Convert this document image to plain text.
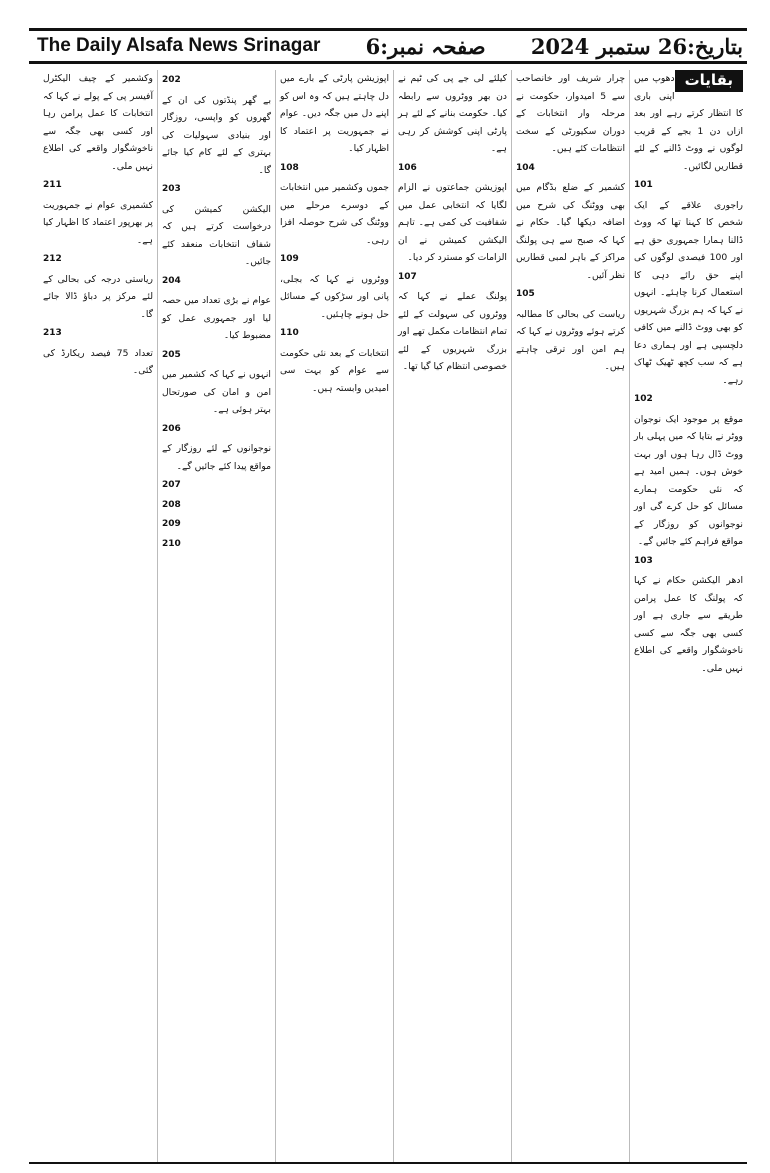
The Daily Alsafa News Srinagar صفحہ نمبر:6 بتاریخ:26 ستمبر 2024
بقایات
دھوپ میں اپنی باری کا انتظار کرتے رہے اور بعد ازاں دن 1 بجے کے قریب لوگوں نے ووٹ ڈالنے کے لئے قطاریں لگائیں۔
101
راجوری علاقے کے ایک شخص کا کہنا تھا کہ ووٹ ڈالنا ہمارا جمہوری حق ہے اور 100 فیصدی لوگوں کی اپنے حق رائے دہی کا استعمال کرنا چاہئے۔ انہوں نے کہا کہ ہم بزرگ شہریوں کو بھی ووٹ ڈالنے میں کافی دلچسپی ہے اور ہماری دعا ہے کہ سب کچھ ٹھیک ٹھاک رہے۔
102
موقع پر موجود ایک نوجوان ووٹر نے بتایا کہ میں پہلی بار ووٹ ڈال رہا ہوں اور بہت خوش ہوں۔ ہمیں امید ہے کہ نئی حکومت ہمارے مسائل کو حل کرے گی اور نوجوانوں کو روزگار کے مواقع فراہم کئے جائیں گے۔
103
ادھر الیکشن حکام نے کہا کہ پولنگ کا عمل پرامن طریقے سے جاری ہے اور کسی بھی جگہ سے کسی ناخوشگوار واقعے کی اطلاع نہیں ملی۔
چرار شریف اور خانصاحب سے 5 امیدوار، حکومت نے مرحلہ وار انتخابات کے دوران سکیورٹی کے سخت انتظامات کئے ہیں۔
104
کشمیر کے ضلع بڈگام میں بھی ووٹنگ کی شرح میں اضافہ دیکھا گیا۔ حکام نے کہا کہ صبح سے ہی پولنگ مراکز کے باہر لمبی قطاریں نظر آئیں۔
105
ریاست کی بحالی کا مطالبہ کرتے ہوئے ووٹروں نے کہا کہ ہم امن اور ترقی چاہتے ہیں۔
کیلئے لی جے پی کی ٹیم نے دن بھر ووٹروں سے رابطہ کیا۔ حکومت بنانے کے لئے ہر پارٹی اپنی کوشش کر رہی ہے۔
106
اپوزیشن جماعتوں نے الزام لگایا کہ انتخابی عمل میں شفافیت کی کمی ہے۔ تاہم الیکشن کمیشن نے ان الزامات کو مسترد کر دیا۔
107
پولنگ عملے نے کہا کہ ووٹروں کی سہولت کے لئے تمام انتظامات مکمل تھے اور بزرگ شہریوں کے لئے خصوصی انتظام کیا گیا تھا۔
اپوزیشن پارٹی کے بارے میں دل چاہتے ہیں کہ وہ اس کو اپنے دل میں جگہ دیں۔ عوام نے جمہوریت پر اعتماد کا اظہار کیا۔
108
جموں وکشمیر میں انتخابات کے دوسرے مرحلے میں ووٹنگ کی شرح حوصلہ افزا رہی۔
109
ووٹروں نے کہا کہ بجلی، پانی اور سڑکوں کے مسائل حل ہونے چاہئیں۔
110
انتخابات کے بعد نئی حکومت سے عوام کو بہت سی امیدیں وابستہ ہیں۔
202
بے گھر پنڈتوں کی ان کے گھروں کو واپسی، روزگار اور بنیادی سہولیات کی بہتری کے لئے کام کیا جائے گا۔
203
الیکشن کمیشن کی درخواست کرتے ہیں کہ شفاف انتخابات منعقد کئے جائیں۔
204
عوام نے بڑی تعداد میں حصہ لیا اور جمہوری عمل کو مضبوط کیا۔
205
انہوں نے کہا کہ کشمیر میں امن و امان کی صورتحال بہتر ہوئی ہے۔
206
نوجوانوں کے لئے روزگار کے مواقع پیدا کئے جائیں گے۔
207
208
209
210
وکشمیر کے چیف الیکٹرل آفیسر پی کے پولے نے کہا کہ انتخابات کا عمل پرامن رہا اور کسی بھی جگہ سے ناخوشگوار واقعے کی اطلاع نہیں ملی۔
211
کشمیری عوام نے جمہوریت پر بھرپور اعتماد کا اظہار کیا ہے۔
212
ریاستی درجہ کی بحالی کے لئے مرکز پر دباؤ ڈالا جائے گا۔
213
تعداد 75 فیصد ریکارڈ کی گئی۔
